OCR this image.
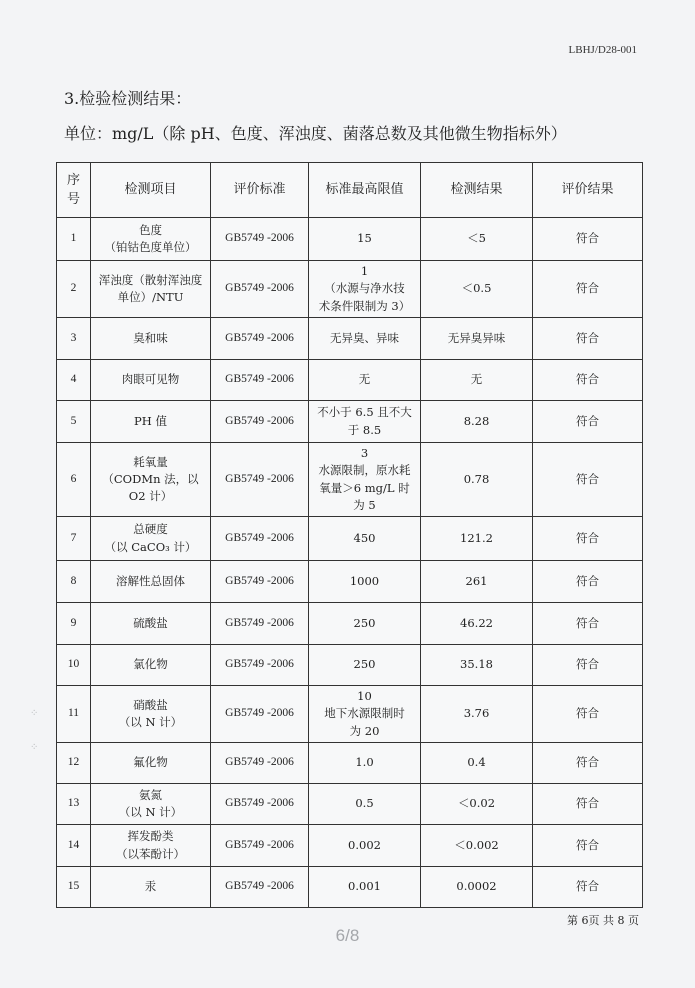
LBHJ/D28-001
3.检验检测结果：
单位：mg/L（除 pH、色度、浑浊度、菌落总数及其他微生物指标外）
序
号	检测项目	评价标准	标准最高限值	检测结果	评价结果
1	色度
（铂钴色度单位）	GB5749 -2006	15	＜5	符合
2	浑浊度（散射浑浊度
单位）/NTU	GB5749 -2006	1
（水源与净水技
术条件限制为 3）	＜0.5	符合
3	臭和味	GB5749 -2006	无异臭、异味	无异臭异味	符合
4	肉眼可见物	GB5749 -2006	无	无	符合
5	PH 值	GB5749 -2006	不小于 6.5 且不大
于 8.5	8.28	符合
6	耗氧量
（CODMn 法，以 O2 计）	GB5749 -2006	3
水源限制，原水耗
氧量＞6 mg/L 时
为 5	0.78	符合
7	总硬度
（以 CaCO₃ 计）	GB5749 -2006	450	121.2	符合
8	溶解性总固体	GB5749 -2006	1000	261	符合
9	硫酸盐	GB5749 -2006	250	46.22	符合
10	氯化物	GB5749 -2006	250	35.18	符合
11	硝酸盐
（以 N 计）	GB5749 -2006	10
地下水源限制时
为 20	3.76	符合
12	氟化物	GB5749 -2006	1.0	0.4	符合
13	氨氮
（以 N 计）	GB5749 -2006	0.5	＜0.02	符合
14	挥发酚类
（以苯酚计）	GB5749 -2006	0.002	＜0.002	符合
15	汞	GB5749 -2006	0.001	0.0002	符合
第 6页 共 8 页
6/8
⁘
⁘
